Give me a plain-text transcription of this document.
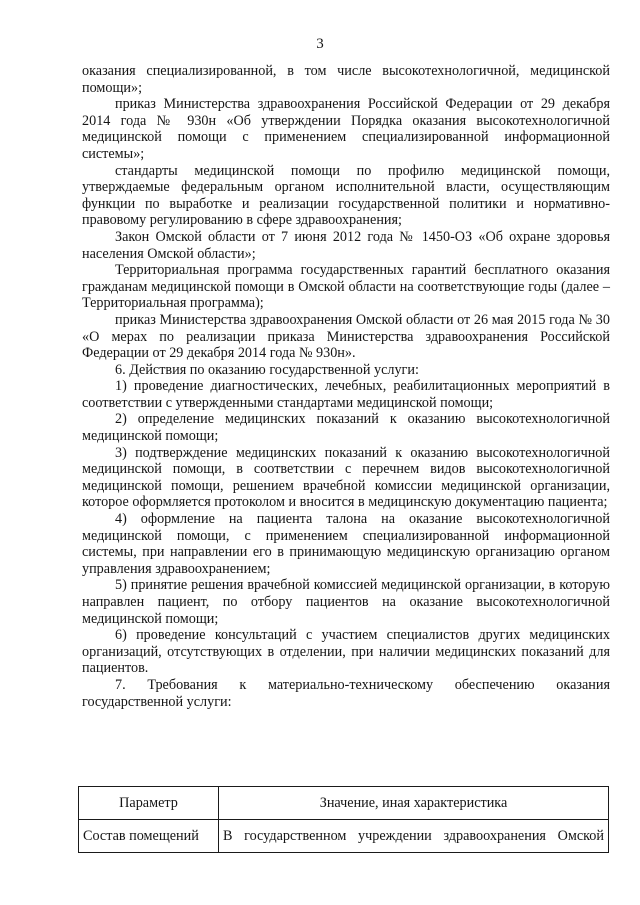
3

оказания специализированной, в том числе высокотехнологичной, медицинской помощи»;

приказ Министерства здравоохранения Российской Федерации от 29 декабря 2014 года № 930н «Об утверждении Порядка оказания высокотехнологичной медицинской помощи с применением специализированной информационной системы»;

стандарты медицинской помощи по профилю медицинской помощи, утверждаемые федеральным органом исполнительной власти, осуществляющим функции по выработке и реализации государственной политики и нормативно-правовому регулированию в сфере здравоохранения;

Закон Омской области от 7 июня 2012 года № 1450-ОЗ «Об охране здоровья населения Омской области»;

Территориальная программа государственных гарантий бесплатного оказания гражданам медицинской помощи в Омской области на соответствующие годы (далее – Территориальная программа);

приказ Министерства здравоохранения Омской области от 26 мая 2015 года № 30 «О мерах по реализации приказа Министерства здравоохранения Российской Федерации от 29 декабря 2014 года № 930н».

6. Действия по оказанию государственной услуги:

1) проведение диагностических, лечебных, реабилитационных мероприятий в соответствии с утвержденными стандартами медицинской помощи;

2) определение медицинских показаний к оказанию высокотехнологичной медицинской помощи;

3) подтверждение медицинских показаний к оказанию высокотехнологичной медицинской помощи, в соответствии с перечнем видов высокотехнологичной медицинской помощи, решением врачебной комиссии медицинской организации, которое оформляется протоколом и вносится в медицинскую документацию пациента;

4) оформление на пациента талона на оказание высокотехнологичной медицинской помощи, с применением специализированной информационной системы, при направлении его в принимающую медицинскую организацию органом управления здравоохранением;

5) принятие решения врачебной комиссией медицинской организации, в которую направлен пациент, по отбору пациентов на оказание высокотехнологичной медицинской помощи;

6) проведение консультаций с участием специалистов других медицинских организаций, отсутствующих в отделении, при наличии медицинских показаний для пациентов.

7. Требования к материально-техническому обеспечению оказания государственной услуги:

Параметр	Значение, иная характеристика
Состав помещений	В государственном учреждении здравоохранения Омской
